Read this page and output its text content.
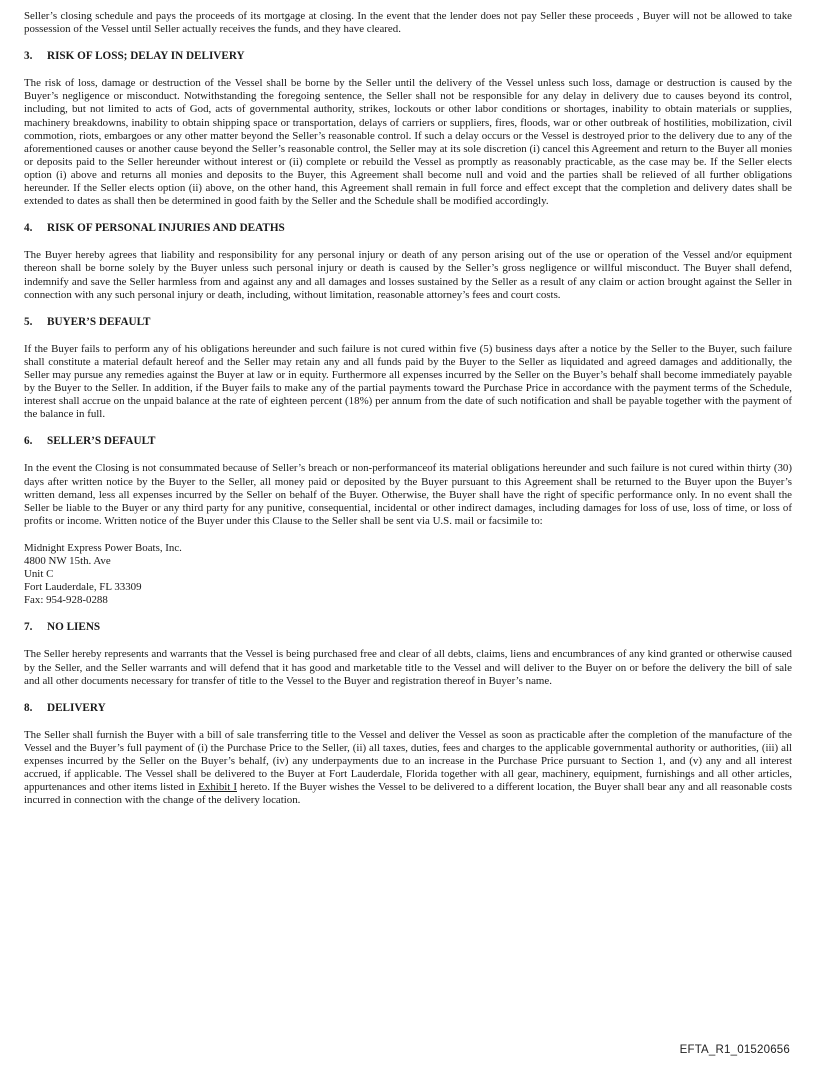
Seller’s closing schedule and pays the proceeds of its mortgage at closing. In the event that the lender does not pay Seller these proceeds , Buyer will not be allowed to take possession of the Vessel until Seller actually receives the funds, and they have cleared.

3. RISK OF LOSS; DELAY IN DELIVERY

The risk of loss, damage or destruction of the Vessel shall be borne by the Seller until the delivery of the Vessel unless such loss, damage or destruction is caused by the Buyer’s negligence or misconduct. Notwithstanding the foregoing sentence, the Seller shall not be responsible for any delay in delivery due to causes beyond its control, including, but not limited to acts of God, acts of governmental authority, strikes, lockouts or other labor conditions or shortages, inability to obtain materials or supplies, machinery breakdowns, inability to obtain shipping space or transportation, delays of carriers or suppliers, fires, floods, war or other outbreak of hostilities, mobilization, civil commotion, riots, embargoes or any other matter beyond the Seller’s reasonable control. If such a delay occurs or the Vessel is destroyed prior to the delivery due to any of the aforementioned causes or another cause beyond the Seller’s reasonable control, the Seller may at its sole discretion (i) cancel this Agreement and return to the Buyer all monies or deposits paid to the Seller hereunder without interest or (ii) complete or rebuild the Vessel as promptly as reasonably practicable, as the case may be. If the Seller elects option (i) above and returns all monies and deposits to the Buyer, this Agreement shall become null and void and the parties shall be relieved of all further obligations hereunder. If the Seller elects option (ii) above, on the other hand, this Agreement shall remain in full force and effect except that the completion and delivery dates shall be extended to dates as shall then be determined in good faith by the Seller and the Schedule shall be modified accordingly.

4. RISK OF PERSONAL INJURIES AND DEATHS

The Buyer hereby agrees that liability and responsibility for any personal injury or death of any person arising out of the use or operation of the Vessel and/or equipment thereon shall be borne solely by the Buyer unless such personal injury or death is caused by the Seller’s gross negligence or willful misconduct. The Buyer shall defend, indemnify and save the Seller harmless from and against any and all damages and losses sustained by the Seller as a result of any claim or action brought against the Seller in connection with any such personal injury or death, including, without limitation, reasonable attorney’s fees and court costs.

5. BUYER’S DEFAULT

If the Buyer fails to perform any of his obligations hereunder and such failure is not cured within five (5) business days after a notice by the Seller to the Buyer, such failure shall constitute a material default hereof and the Seller may retain any and all funds paid by the Buyer to the Seller as liquidated and agreed damages and additionally, the Seller may pursue any remedies against the Buyer at law or in equity. Furthermore all expenses incurred by the Seller on the Buyer’s behalf shall become immediately payable by the Buyer to the Seller. In addition, if the Buyer fails to make any of the partial payments toward the Purchase Price in accordance with the payment terms of the Schedule, interest shall accrue on the unpaid balance at the rate of eighteen percent (18%) per annum from the date of such notification and shall be payable together with the payment of the balance in full.

6. SELLER’S DEFAULT

In the event the Closing is not consummated because of Seller’s breach or non-performanceof its material obligations hereunder and such failure is not cured within thirty (30) days after written notice by the Buyer to the Seller, all money paid or deposited by the Buyer pursuant to this Agreement shall be returned to the Buyer upon the Buyer’s written demand, less all expenses incurred by the Seller on behalf of the Buyer. Otherwise, the Buyer shall have the right of specific performance only. In no event shall the Seller be liable to the Buyer or any third party for any punitive, consequential, incidental or other indirect damages, including damages for loss of use, loss of time, or loss of profits or income. Written notice of the Buyer under this Clause to the Seller shall be sent via U.S. mail or facsimile to:

Midnight Express Power Boats, Inc.
4800 NW 15th. Ave
Unit C
Fort Lauderdale, FL 33309
Fax: 954-928-0288
7. NO LIENS

The Seller hereby represents and warrants that the Vessel is being purchased free and clear of all debts, claims, liens and encumbrances of any kind granted or otherwise caused by the Seller, and the Seller warrants and will defend that it has good and marketable title to the Vessel and will deliver to the Buyer on or before the delivery the bill of sale and all other documents necessary for transfer of title to the Vessel to the Buyer and registration thereof in Buyer’s name.

8. DELIVERY

The Seller shall furnish the Buyer with a bill of sale transferring title to the Vessel and deliver the Vessel as soon as practicable after the completion of the manufacture of the Vessel and the Buyer’s full payment of (i) the Purchase Price to the Seller, (ii) all taxes, duties, fees and charges to the applicable governmental authority or authorities, (iii) all expenses incurred by the Seller on the Buyer’s behalf, (iv) any underpayments due to an increase in the Purchase Price pursuant to Section 1, and (v) any and all interest accrued, if applicable. The Vessel shall be delivered to the Buyer at Fort Lauderdale, Florida together with all gear, machinery, equipment, furnishings and all other articles, appurtenances and other items listed in Exhibit I hereto. If the Buyer wishes the Vessel to be delivered to a different location, the Buyer shall bear any and all reasonable costs incurred in connection with the change of the delivery location.

EFTA_R1_01520656
